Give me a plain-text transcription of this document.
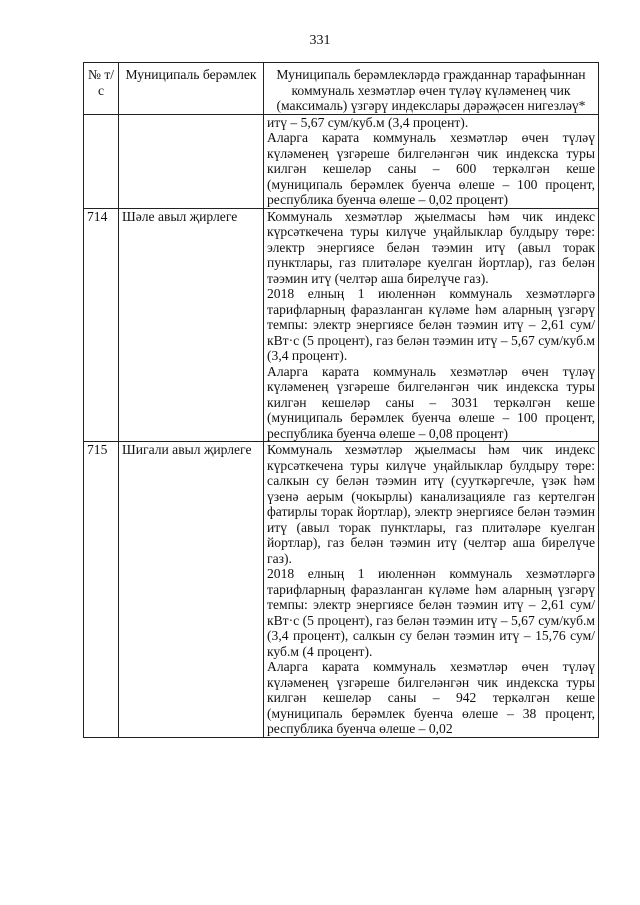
331
№ т/с	Муниципаль берәмлек	Муниципаль берәмлекләрдә гражданнар тарафыннан коммуналь хезмәтләр өчен түләү күләменең чик (максималь) үзгәрү индекслары дәрәҗәсен нигезләү*

		итү – 5,67 сум/куб.м (3,4 процент).
Аларга карата коммуналь хезмәтләр өчен түләү күләменең үзгәреше билгеләнгән чик индекска туры килгән кешеләр саны – 600 теркәлгән кеше (муниципаль берәмлек буенча өлеше – 100 процент, республика буенча өлеше – 0,02 процент)

714	Шәле авыл җирлеге	Коммуналь хезмәтләр җыелмасы һәм чик индекс күрсәткечена туры килүче уңайлыклар булдыру төре: электр энергиясе белән тәэмин итү (авыл торак пунктлары, газ плитәләре куелган йортлар), газ белән тәэмин итү (челтәр аша бирелүче газ).
2018 елның 1 июленнән коммуналь хезмәтләргә тарифларның фаразланган күләме һәм аларның үзгәрү темпы: электр энергиясе белән тәэмин итү – 2,61 сум/кВт·с (5 процент), газ белән тәэмин итү – 5,67 сум/куб.м (3,4 процент).
Аларга карата коммуналь хезмәтләр өчен түләү күләменең үзгәреше билгеләнгән чик индекска туры килгән кешеләр саны – 3031 теркәлгән кеше (муниципаль берәмлек буенча өлеше – 100 процент, республика буенча өлеше – 0,08 процент)

715	Шигали авыл җирлеге	Коммуналь хезмәтләр җыелмасы һәм чик индекс күрсәткечена туры килүче уңайлыклар булдыру төре: салкын су белән тәэмин итү (сууткәргечле, үзәк һәм үзенә аерым (чокырлы) канализацияле газ кертелгән фатирлы торак йортлар), электр энергиясе белән тәэмин итү (авыл торак пунктлары, газ плитәләре куелган йортлар), газ белән тәэмин итү (челтәр аша бирелүче газ).
2018 елның 1 июленнән коммуналь хезмәтләргә тарифларның фаразланган күләме һәм аларның үзгәрү темпы: электр энергиясе белән тәэмин итү – 2,61 сум/кВт·с (5 процент), газ белән тәэмин итү – 5,67 сум/куб.м (3,4 процент), салкын су белән тәэмин итү – 15,76 сум/куб.м (4 процент).
Аларга карата коммуналь хезмәтләр өчен түләү күләменең үзгәреше билгеләнгән чик индекска туры килгән кешеләр саны – 942 теркәлгән кеше (муниципаль берәмлек буенча өлеше – 38 процент, республика буенча өлеше – 0,02
